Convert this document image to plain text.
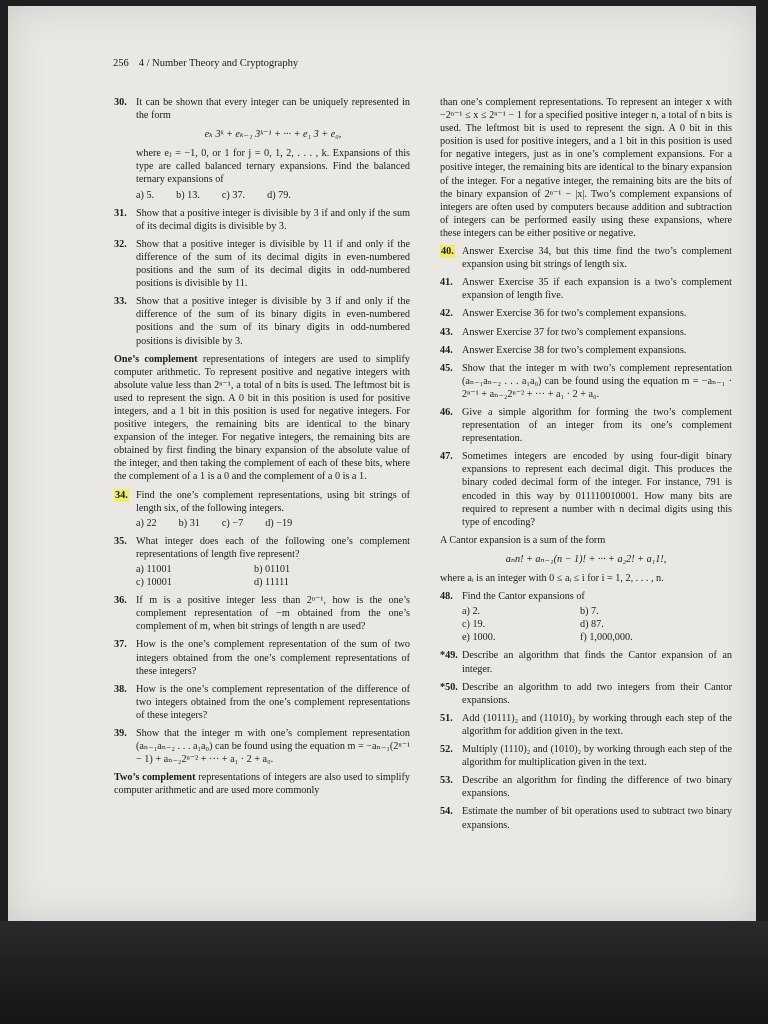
256 4 / Number Theory and Cryptography
30. It can be shown that every integer can be uniquely represented in the form
eₖ 3ᵏ + eₖ₋₁ 3ᵏ⁻¹ + ··· + e₁ 3 + e₀,
where eⱼ = −1, 0, or 1 for j = 0, 1, 2, . . . , k. Expansions of this type are called balanced ternary expansions. Find the balanced ternary expansions of
a) 5. b) 13. c) 37. d) 79.
31. Show that a positive integer is divisible by 3 if and only if the sum of its decimal digits is divisible by 3.
32. Show that a positive integer is divisible by 11 if and only if the difference of the sum of its decimal digits in even-numbered positions and the sum of its decimal digits in odd-numbered positions is divisible by 11.
33. Show that a positive integer is divisible by 3 if and only if the difference of the sum of its binary digits in even-numbered positions and the sum of its binary digits in odd-numbered positions is divisible by 3.
One’s complement representations of integers are used to simplify computer arithmetic. To represent positive and negative integers with absolute value less than 2ⁿ⁻¹, a total of n bits is used. The leftmost bit is used to represent the sign. A 0 bit in this position is used for positive integers, and a 1 bit in this position is used for negative integers. For positive integers, the remaining bits are identical to the binary expansion of the integer. For negative integers, the remaining bits are obtained by first finding the binary expansion of the absolute value of the integer, and then taking the complement of each of these bits, where the complement of a 1 is a 0 and the complement of a 0 is a 1.
34. Find the one’s complement representations, using bit strings of length six, of the following integers.
a) 22 b) 31 c) −7 d) −19
35. What integer does each of the following one’s complement representations of length five represent?
a) 11001	b) 01101
c) 10001	d) 11111
36. If m is a positive integer less than 2ⁿ⁻¹, how is the one’s complement representation of −m obtained from the one’s complement of m, when bit strings of length n are used?
37. How is the one’s complement representation of the sum of two integers obtained from the one’s complement representations of these integers?
38. How is the one’s complement representation of the difference of two integers obtained from the one’s complement representations of these integers?
39. Show that the integer m with one’s complement representation (aₙ₋₁aₙ₋₂ . . . a₁a₀) can be found using the equation m = −aₙ₋₁(2ⁿ⁻¹ − 1) + aₙ₋₂2ⁿ⁻² + ··· + a₁ · 2 + a₀.
Two’s complement representations of integers are also used to simplify computer arithmetic and are used more commonly
than one’s complement representations. To represent an integer x with −2ⁿ⁻¹ ≤ x ≤ 2ⁿ⁻¹ − 1 for a specified positive integer n, a total of n bits is used. The leftmost bit is used to represent the sign. A 0 bit in this position is used for positive integers, and a 1 bit in this position is used for negative integers, just as in one’s complement expansions. For a positive integer, the remaining bits are identical to the binary expansion of the integer. For a negative integer, the remaining bits are the bits of the binary expansion of 2ⁿ⁻¹ − |x|. Two’s complement expansions of integers are often used by computers because addition and subtraction of integers can be performed easily using these expansions, where these integers can be either positive or negative.
40. Answer Exercise 34, but this time find the two’s complement expansion using bit strings of length six.
41. Answer Exercise 35 if each expansion is a two’s complement expansion of length five.
42. Answer Exercise 36 for two’s complement expansions.
43. Answer Exercise 37 for two’s complement expansions.
44. Answer Exercise 38 for two’s complement expansions.
45. Show that the integer m with two’s complement representation (aₙ₋₁aₙ₋₂ . . . a₁a₀) can be found using the equation m = −aₙ₋₁ · 2ⁿ⁻¹ + aₙ₋₂2ⁿ⁻² + ··· + a₁ · 2 + a₀.
46. Give a simple algorithm for forming the two’s complement representation of an integer from its one’s complement representation.
47. Sometimes integers are encoded by using four-digit binary expansions to represent each decimal digit. This produces the binary coded decimal form of the integer. For instance, 791 is encoded in this way by 011110010001. How many bits are required to represent a number with n decimal digits using this type of encoding?
A Cantor expansion is a sum of the form
aₙn! + aₙ₋₁(n − 1)! + ··· + a₂2! + a₁1!,
where aᵢ is an integer with 0 ≤ aᵢ ≤ i for i = 1, 2, . . . , n.
48. Find the Cantor expansions of
a) 2.	b) 7.
c) 19.	d) 87.
e) 1000.	f) 1,000,000.
*49. Describe an algorithm that finds the Cantor expansion of an integer.
*50. Describe an algorithm to add two integers from their Cantor expansions.
51. Add (10111)₂ and (11010)₂ by working through each step of the algorithm for addition given in the text.
52. Multiply (1110)₂ and (1010)₂ by working through each step of the algorithm for multiplication given in the text.
53. Describe an algorithm for finding the difference of two binary expansions.
54. Estimate the number of bit operations used to subtract two binary expansions.
